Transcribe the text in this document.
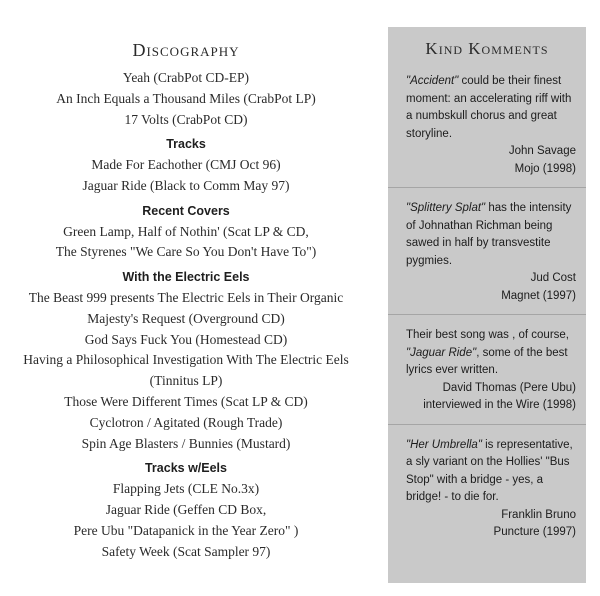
Discography
Yeah (CrabPot CD-EP)
An Inch Equals a Thousand Miles (CrabPot LP)
17 Volts (CrabPot CD)
Tracks
Made For Eachother (CMJ Oct 96)
Jaguar Ride (Black to Comm May 97)
Recent Covers
Green Lamp, Half of Nothin' (Scat LP & CD,
The Styrenes "We Care So You Don't Have To")
With the Electric Eels
The Beast 999 presents The Electric Eels in Their Organic
Majesty's Request (Overground CD)
God Says Fuck You (Homestead CD)
Having a Philosophical Investigation With The Electric Eels
(Tinnitus LP)
Those Were Different Times (Scat LP & CD)
Cyclotron / Agitated (Rough Trade)
Spin Age Blasters / Bunnies (Mustard)
Tracks w/Eels
Flapping Jets (CLE No.3x)
Jaguar Ride (Geffen CD Box,
Pere Ubu "Datapanick in the Year Zero" )
Safety Week (Scat Sampler 97)
Kind Komments
"Accident" could be their finest moment: an accelerating riff with a numbskull chorus and great storyline.
John Savage
Mojo (1998)
"Splittery Splat" has the intensity of Johnathan Richman being sawed in half by transvestite pygmies.
Jud Cost
Magnet (1997)
Their best song was , of course, "Jaguar Ride", some of the best lyrics ever written.
David Thomas (Pere Ubu)
interviewed in the Wire (1998)
"Her Umbrella" is representative, a sly variant on the Hollies' "Bus Stop" with a bridge - yes, a bridge! - to die for.
Franklin Bruno
Puncture (1997)
